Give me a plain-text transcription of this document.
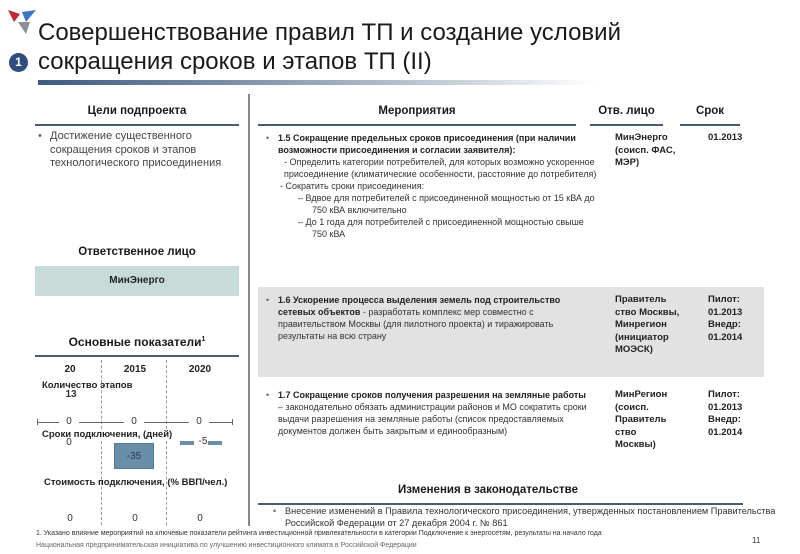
Совершенствование правил ТП и создание условий
сокращения сроков и этапов ТП (II)
1
Цели подпроекта
• Достижение существенного сокращения сроков и этапов технологического присоединения
Ответственное лицо
МинЭнерго
Основные показатели$^1$
20	2015	2020
Количество этапов
13
0	0	0
Сроки подключения, (дней)
0
-35
-5
Стоимость подключения, (% ВВП/чел.)
0	0	0
Мероприятия	Отв. лицо	Срок
• 1.5 Сокращение предельных сроков присоединения (при наличии возможности присоединения и согласии заявителя):
- Определить категории потребителей, для которых возможно ускоренное присоединение (климатические особенности, расстояние до потребителя)
- Сократить сроки присоединения:
– Вдвое для потребителей с присоединенной мощностью от 15 кВА до 750 кВА включительно
– До 1 года для потребителей с присоединенной мощностью свыше 750 кВА
МинЭнерго (соисп. ФАС, МЭР)
01.2013
• 1.6 Ускорение процесса выделения земель под строительство сетевых объектов - разработать комплекс мер совместно с правительством Москвы (для пилотного проекта) и тиражировать результаты на всю страну
Правитель ство Москвы, Минрегион (инициатор МОЭСК)
Пилот: 01.2013 Внедр: 01.2014
• 1.7 Сокращение сроков получения разрешения на земляные работы – законодательно обязать администрации районов и МО сократить сроки выдачи разрешения на земляные работы (список предоставляемых документов должен быть закрытым и единообразным)
МинРегион (соисп. Правитель ство Москвы)
Пилот: 01.2013 Внедр: 01.2014
Изменения в законодательстве
• Внесение изменений в Правила технологического присоединения, утвержденных постановлением Правительства Российской Федерации от 27 декабря 2004 г. № 861
1. Указано влияние мероприятий на ключевые показатели рейтинга инвестиционной привлекательности в категории Подключение к энергосетям, результаты на начало года
Национальная предпринимательская инициатива по улучшению инвестиционного климата в Российской Федерации
11
